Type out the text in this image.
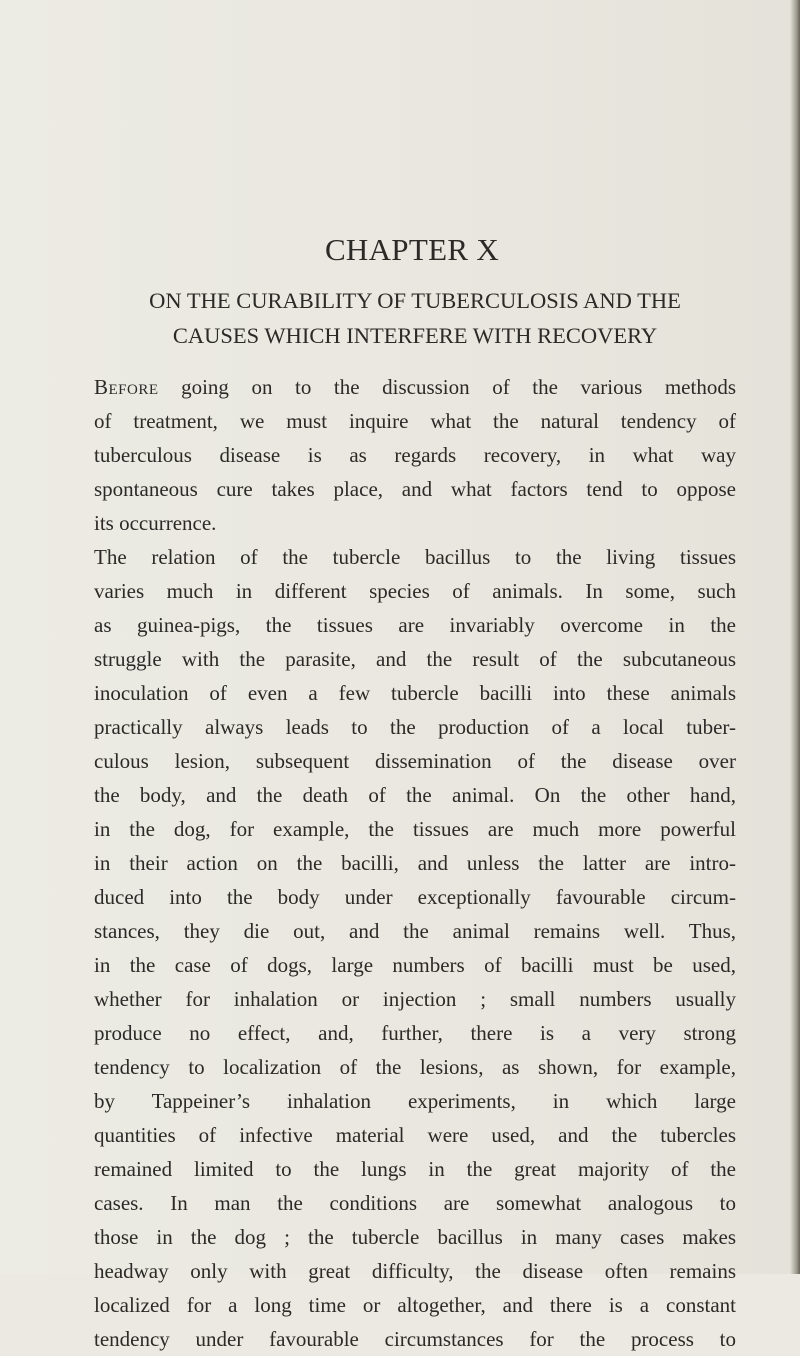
CHAPTER X
ON THE CURABILITY OF TUBERCULOSIS AND THE
CAUSES WHICH INTERFERE WITH RECOVERY
Before going on to the discussion of the various methods
of treatment, we must inquire what the natural tendency of
tuberculous disease is as regards recovery, in what way
spontaneous cure takes place, and what factors tend to oppose
its occurrence.
The relation of the tubercle bacillus to the living tissues
varies much in different species of animals. In some, such
as guinea-pigs, the tissues are invariably overcome in the
struggle with the parasite, and the result of the subcutaneous
inoculation of even a few tubercle bacilli into these animals
practically always leads to the production of a local tuber-
culous lesion, subsequent dissemination of the disease over
the body, and the death of the animal. On the other hand,
in the dog, for example, the tissues are much more powerful
in their action on the bacilli, and unless the latter are intro-
duced into the body under exceptionally favourable circum-
stances, they die out, and the animal remains well. Thus,
in the case of dogs, large numbers of bacilli must be used,
whether for inhalation or injection ; small numbers usually
produce no effect, and, further, there is a very strong
tendency to localization of the lesions, as shown, for example,
by Tappeiner’s inhalation experiments, in which large
quantities of infective material were used, and the tubercles
remained limited to the lungs in the great majority of the
cases. In man the conditions are somewhat analogous to
those in the dog ; the tubercle bacillus in many cases makes
headway only with great difficulty, the disease often remains
localized for a long time or altogether, and there is a constant
tendency under favourable circumstances for the process to
